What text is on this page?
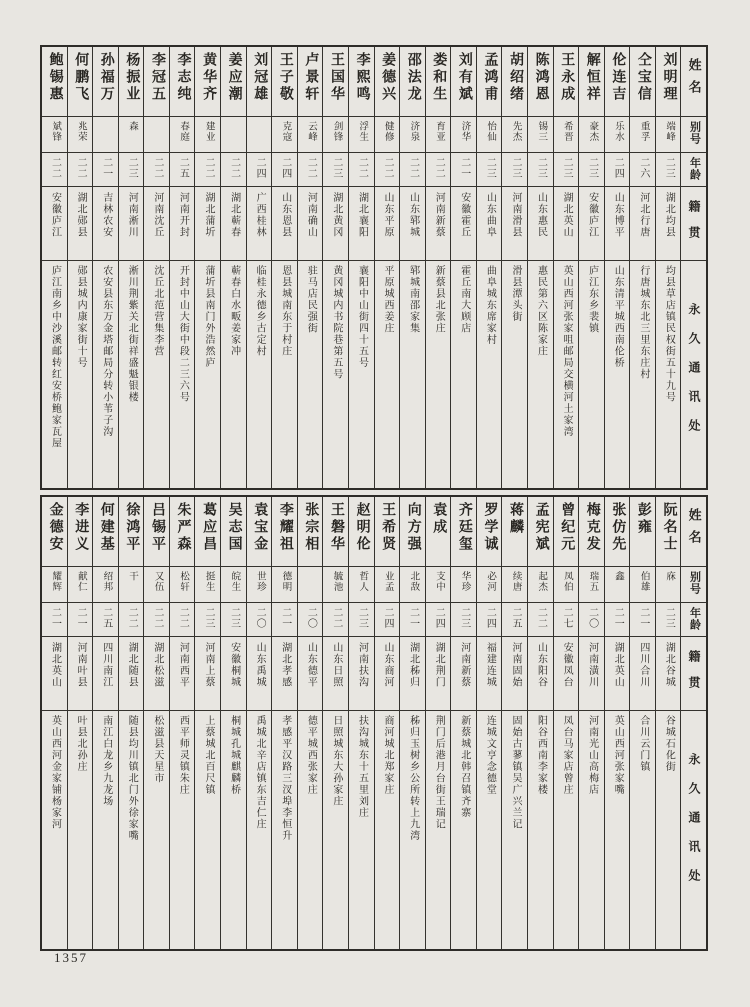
鲍锡惠
斌锋
二二
安徽庐江
庐江南乡中沙溪邮转红安桥鲍家瓦屋
何鹏飞
兆荣
二二
湖北郧县
郧县城内康家街十号
孙福万
二一
吉林农安
农安县东万金塔邮局分转小苇子沟
杨振业
森
二三
河南淅川
淅川荆紫关北街祥盛魁银楼
李冠五
二二
河南沈丘
沈丘北范营集李营
李志纯
春庭
二五
河南开封
开封中山大街中段二三六号
黄华齐
建业
二二
湖北蒲圻
蒲圻县南门外浩然庐
姜应潮
二二
湖北蕲春
蕲春白水畈姜家冲
刘冠雄
二四
广西桂林
临桂永德乡古定村
王子敬
克寇
二四
山东恩县
恩县城南东于村庄
卢景轩
云峰
二二
河南确山
驻马店民强街
王国华
剑锋
二三
湖北黄冈
黄冈城内书院巷第五号
李熙鸣
浮生
二二
湖北襄阳
襄阳中山街四十五号
姜德兴
健修
二二
山东平原
平原城西姜庄
邵法龙
济泉
二二
山东郓城
郓城南邵家集
娄和生
育亚
二二
河南新蔡
新蔡县北张庄
刘有斌
济华
二一
安徽霍丘
霍丘南大顾店
孟鸿甫
怡仙
二三
山东曲阜
曲阜城东席家村
胡绍绪
先杰
二三
河南滑县
滑县潭头街
陈鸿恩
锡三
二三
山东惠民
惠民第六区陈家庄
王永成
希晋
二三
湖北英山
英山西河张家咀邮局交横河土家湾
解恒祥
豪杰
二三
安徽庐江
庐江东乡裴镇
伦连吉
乐水
二四
山东博平
山东清平城西南伦桥
仝宝信
重孚
二六
河北行唐
行唐城东北三里东庄村
刘明理
端峰
二三
湖北均县
均县草店镇民权街五十九号
姓名
别号
年龄
籍贯
永久通讯处
金德安
耀辉
二一
湖北英山
英山西河金家铺杨家河
李进义
献仁
二一
河南叶县
叶县北孙庄
何建基
绍邦
二五
四川南江
南江白龙乡九龙场
徐鸿平
干
二二
湖北随县
随县均川镇北门外徐家嘴
吕锡平
又伍
二二
湖北松滋
松滋县天星市
朱严森
松轩
二二
河南西平
西平师灵镇朱庄
葛应昌
挺生
二三
河南上蔡
上蔡城北百尺镇
吴志国
皖生
二三
安徽桐城
桐城孔城麒麟桥
袁宝金
世珍
二〇
山东禹城
禹城北辛店镇东吉仁庄
李耀祖
德明
二一
湖北孝感
孝感平汉路三汊埠李恒升
张宗相
二〇
山东德平
德平城西张家庄
王磐华
毓池
二二
山东日照
日照城东大孙家庄
赵明伦
哲人
二三
河南扶沟
扶沟城东十五里刘庄
王希贤
业孟
二四
山东商河
商河城北郑家庄
向方强
北敌
二一
湖北秭归
秭归玉树乡公所转上九湾
袁成
支中
二四
湖北荆门
荆门后港月台街王瑞记
齐廷玺
华珍
二三
河南新蔡
新蔡城北韩召镇齐寨
罗学诚
必河
二四
福建连城
连城文亨念德堂
蒋麟
续唐
二五
河南固始
固始古蓼镇吴广兴兰记
孟宪斌
起杰
二二
山东阳谷
阳谷西南李家楼
曾纪元
凤伯
二七
安徽凤台
凤台马家店曾庄
梅克发
瑞五
二〇
河南潢川
河南光山高梅店
张仿先
鑫
二一
湖北英山
英山西河张家嘴
彭雍
伯雄
二一
四川合川
合川云门镇
阮名士
庥
二三
湖北谷城
谷城石化街
姓名
别号
年龄
籍贯
永久通讯处
1357
